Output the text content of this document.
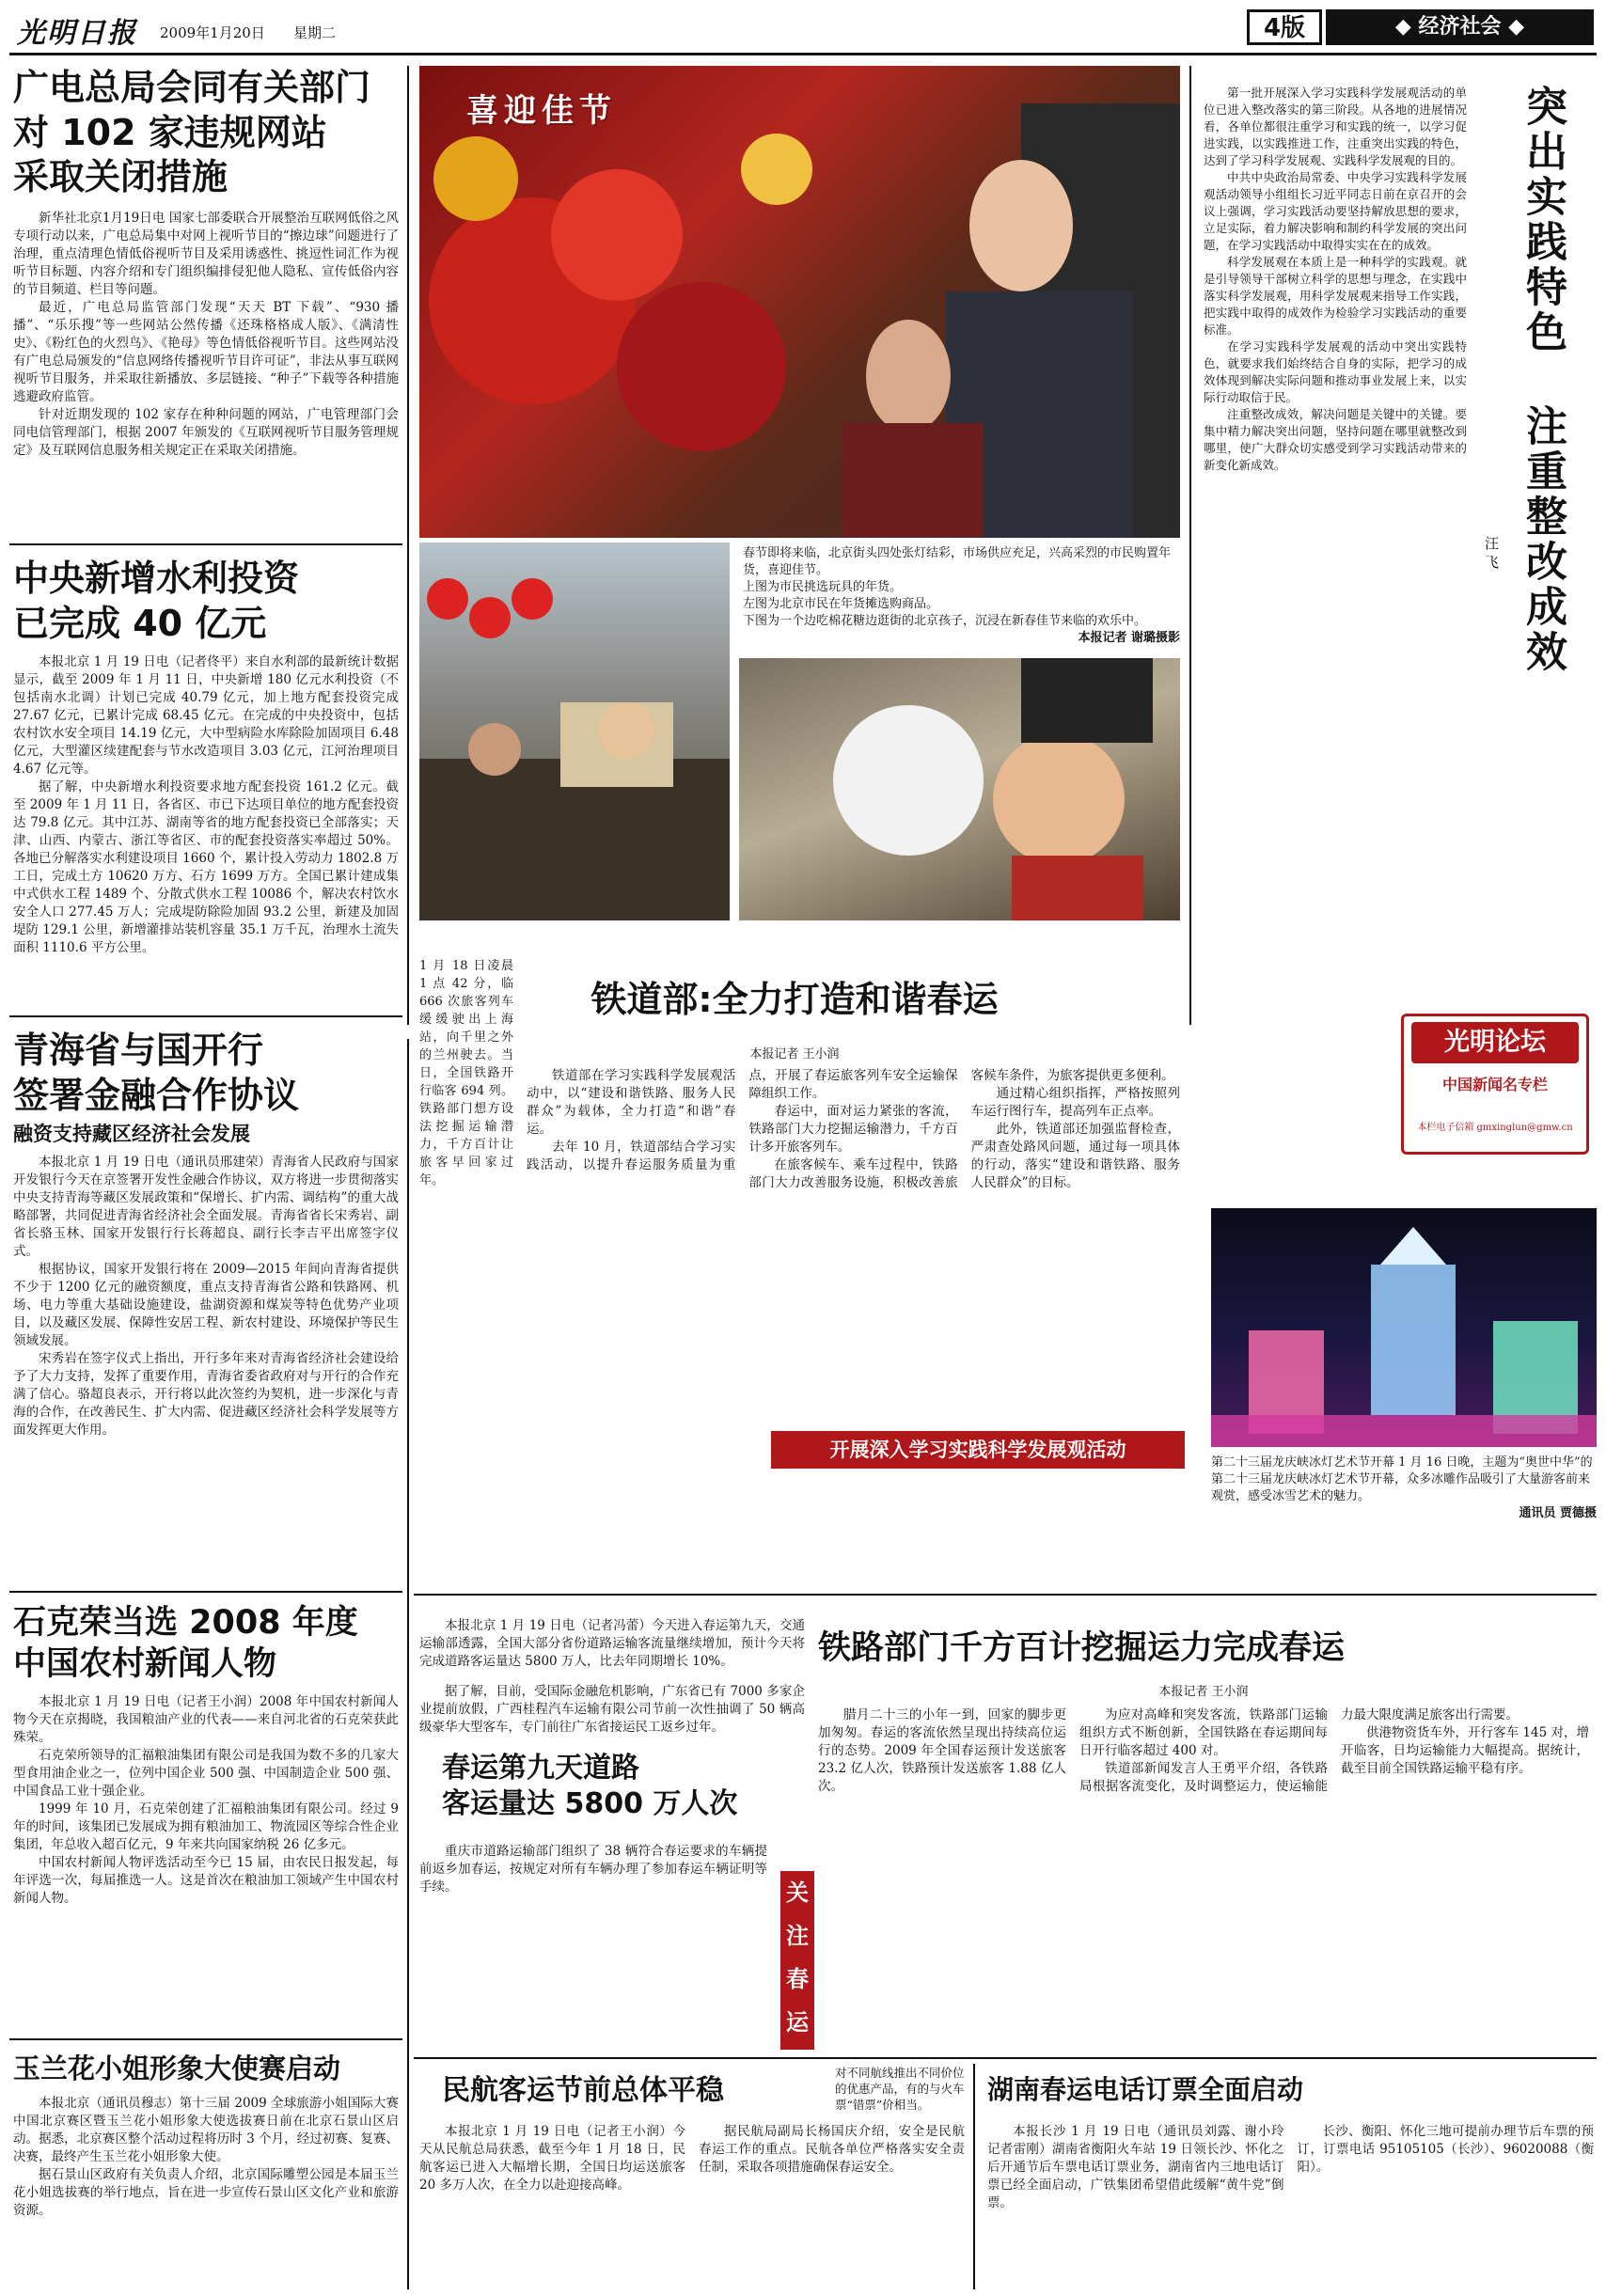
光明日报 2009年1月20日 星期二	4版	◆ 经济社会 ◆
广电总局会同有关部门
对 102 家违规网站
采取关闭措施

新华社北京1月19日电 国家七部委联合开展整治互联网低俗之风专项行动以来，广电总局集中对网上视听节目的“擦边球”问题进行了治理，重点清理色情低俗视听节目及采用诱惑性、挑逗性词汇作为视听节目标题、内容介绍和专门组织编排侵犯他人隐私、宣传低俗内容的节目频道、栏目等问题。

最近，广电总局监管部门发现“天天 BT 下载”、“930 播播”、“乐乐搜”等一些网站公然传播《还珠格格成人版》、《满清性史》、《粉红色的火烈鸟》、《艳母》等色情低俗视听节目。这些网站没有广电总局颁发的“信息网络传播视听节目许可证”，非法从事互联网视听节目服务，并采取往新播放、多层链接、“种子”下载等各种措施逃避政府监管。

针对近期发现的 102 家存在种种问题的网站，广电管理部门会同电信管理部门，根据 2007 年颁发的《互联网视听节目服务管理规定》及互联网信息服务相关规定正在采取关闭措施。

中央新增水利投资
已完成 40 亿元

本报北京 1 月 19 日电（记者佟平）来自水利部的最新统计数据显示，截至 2009 年 1 月 11 日，中央新增 180 亿元水利投资（不包括南水北调）计划已完成 40.79 亿元，加上地方配套投资完成 27.67 亿元，已累计完成 68.45 亿元。在完成的中央投资中，包括农村饮水安全项目 14.19 亿元，大中型病险水库除险加固项目 6.48 亿元，大型灌区续建配套与节水改造项目 3.03 亿元，江河治理项目 4.67 亿元等。

据了解，中央新增水利投资要求地方配套投资 161.2 亿元。截至 2009 年 1 月 11 日，各省区、市已下达项目单位的地方配套投资达 79.8 亿元。其中江苏、湖南等省的地方配套投资已全部落实；天津、山西、内蒙古、浙江等省区、市的配套投资落实率超过 50%。各地已分解落实水利建设项目 1660 个，累计投入劳动力 1802.8 万工日，完成土方 10620 万方、石方 1699 万方。全国已累计建成集中式供水工程 1489 个、分散式供水工程 10086 个，解决农村饮水安全人口 277.45 万人；完成堤防除险加固 93.2 公里，新建及加固堤防 129.1 公里，新增灌排站装机容量 35.1 万千瓦，治理水土流失面积 1110.6 平方公里。

青海省与国开行
签署金融合作协议
融资支持藏区经济社会发展

本报北京 1 月 19 日电（通讯员邢建荣）青海省人民政府与国家开发银行今天在京签署开发性金融合作协议，双方将进一步贯彻落实中央支持青海等藏区发展政策和“保增长、扩内需、调结构”的重大战略部署，共同促进青海省经济社会全面发展。青海省省长宋秀岩、副省长骆玉林、国家开发银行行长蒋超良、副行长李吉平出席签字仪式。

根据协议，国家开发银行将在 2009—2015 年间向青海省提供不少于 1200 亿元的融资额度，重点支持青海省公路和铁路网、机场、电力等重大基础设施建设，盐湖资源和煤炭等特色优势产业项目，以及藏区发展、保障性安居工程、新农村建设、环境保护等民生领域发展。

宋秀岩在签字仪式上指出，开行多年来对青海省经济社会建设给予了大力支持，发挥了重要作用，青海省委省政府对与开行的合作充满了信心。骆超良表示，开行将以此次签约为契机，进一步深化与青海的合作，在改善民生、扩大内需、促进藏区经济社会科学发展等方面发挥更大作用。

石克荣当选 2008 年度
中国农村新闻人物

本报北京 1 月 19 日电（记者王小润）2008 年中国农村新闻人物今天在京揭晓，我国粮油产业的代表——来自河北省的石克荣获此殊荣。

石克荣所领导的汇福粮油集团有限公司是我国为数不多的几家大型食用油企业之一，位列中国企业 500 强、中国制造企业 500 强、中国食品工业十强企业。

1999 年 10 月，石克荣创建了汇福粮油集团有限公司。经过 9 年的时间，该集团已发展成为拥有粮油加工、物流园区等综合性企业集团，年总收入超百亿元，9 年来共向国家纳税 26 亿多元。

中国农村新闻人物评选活动至今已 15 届，由农民日报发起，每年评选一次，每届推选一人。这是首次在粮油加工领域产生中国农村新闻人物。

玉兰花小姐形象大使赛启动

本报北京（通讯员穆志）第十三届 2009 全球旅游小姐国际大赛中国北京赛区暨玉兰花小姐形象大使选拔赛日前在北京石景山区启动。据悉，北京赛区整个活动过程将历时 3 个月，经过初赛、复赛、决赛，最终产生玉兰花小姐形象大使。

据石景山区政府有关负责人介绍，北京国际雕塑公园是本届玉兰花小姐选拔赛的举行地点，旨在进一步宣传石景山区文化产业和旅游资源。

喜迎佳节
春节即将来临，北京街头四处张灯结彩，市场供应充足，兴高采烈的市民购置年货，喜迎佳节。
上图为市民挑选玩具的年货。
左图为北京市民在年货摊选购商品。
下图为一个边吃棉花糖边逛街的北京孩子，沉浸在新春佳节来临的欢乐中。
本报记者 谢璐摄影

1 月 18 日凌晨 1 点 42 分，临 666 次旅客列车缓缓驶出上海站，向千里之外的兰州驶去。当日，全国铁路开行临客 694 列。铁路部门想方设法挖掘运输潜力，千方百计让旅客早回家过年。

铁道部:全力打造和谐春运
本报记者 王小润

铁道部在学习实践科学发展观活动中，以“建设和谐铁路、服务人民群众”为载体，全力打造“和谐”春运。

去年 10 月，铁道部结合学习实践活动，以提升春运服务质量为重点，开展了春运旅客列车安全运输保障组织工作。

春运中，面对运力紧张的客流，铁路部门大力挖掘运输潜力，千方百计多开旅客列车。

在旅客候车、乘车过程中，铁路部门大力改善服务设施，积极改善旅客候车条件，为旅客提供更多便利。

通过精心组织指挥，严格按照列车运行图行车，提高列车正点率。

此外，铁道部还加强监督检查，严肃查处路风问题，通过每一项具体的行动，落实“建设和谐铁路、服务人民群众”的目标。

开展深入学习实践科学发展观活动
突出实践特色
注重整改成效
汪 飞

第一批开展深入学习实践科学发展观活动的单位已进入整改落实的第三阶段。从各地的进展情况看，各单位都很注重学习和实践的统一，以学习促进实践，以实践推进工作，注重突出实践的特色，达到了学习科学发展观、实践科学发展观的目的。

中共中央政治局常委、中央学习实践科学发展观活动领导小组组长习近平同志日前在京召开的会议上强调，学习实践活动要坚持解放思想的要求，立足实际，着力解决影响和制约科学发展的突出问题，在学习实践活动中取得实实在在的成效。

科学发展观在本质上是一种科学的实践观。就是引导领导干部树立科学的思想与理念，在实践中落实科学发展观，用科学发展观来指导工作实践，把实践中取得的成效作为检验学习实践活动的重要标准。

在学习实践科学发展观的活动中突出实践特色，就要求我们始终结合自身的实际，把学习的成效体现到解决实际问题和推动事业发展上来，以实际行动取信于民。

注重整改成效，解决问题是关键中的关键。要集中精力解决突出问题，坚持问题在哪里就整改到哪里，使广大群众切实感受到学习实践活动带来的新变化新成效。

光明论坛
中国新闻名专栏
本栏电子信箱 gmxinglun@gmw.cn
第二十三届龙庆峡冰灯艺术节开幕 1 月 16 日晚，主题为“奥世中华”的第二十三届龙庆峡冰灯艺术节开幕，众多冰雕作品吸引了大量游客前来观赏，感受冰雪艺术的魅力。
通讯员 贾德摄
铁路部门千方百计挖掘运力完成春运
本报记者 王小润

腊月二十三的小年一到，回家的脚步更加匆匆。春运的客流依然呈现出持续高位运行的态势。2009 年全国春运预计发送旅客 23.2 亿人次，铁路预计发送旅客 1.88 亿人次。

为应对高峰和突发客流，铁路部门运输组织方式不断创新，全国铁路在春运期间每日开行临客超过 400 对。

铁道部新闻发言人王勇平介绍，各铁路局根据客流变化，及时调整运力，使运输能力最大限度满足旅客出行需要。

供港物资货车外，开行客车 145 对，增开临客，日均运输能力大幅提高。据统计，截至目前全国铁路运输平稳有序。

本报北京 1 月 19 日电（记者冯蕾）今天进入春运第九天，交通运输部透露，全国大部分省份道路运输客流量继续增加，预计今天将完成道路客运量达 5800 万人，比去年同期增长 10%。

据了解，目前，受国际金融危机影响，广东省已有 7000 多家企业提前放假，广西桂程汽车运输有限公司节前一次性抽调了 50 辆高级豪华大型客车，专门前往广东省接运民工返乡过年。

春运第九天道路
客运量达 5800 万人次

重庆市道路运输部门组织了 38 辆符合春运要求的车辆提前返乡加春运，按规定对所有车辆办理了参加春运车辆证明等手续。	关
注
春
运
民航客运节前总体平稳
对不同航线推出不同价位的优惠产品，有的与火车票“错票”价相当。

本报北京 1 月 19 日电（记者王小润）今天从民航总局获悉，截至今年 1 月 18 日，民航客运已进入大幅增长期，全国日均运送旅客 20 多万人次，在全力以赴迎接高峰。

据民航局副局长杨国庆介绍，安全是民航春运工作的重点。民航各单位严格落实安全责任制，采取各项措施确保春运安全。

湖南春运电话订票全面启动

本报长沙 1 月 19 日电（通讯员刘露、谢小玲 记者雷刚）湖南省衡阳火车站 19 日领长沙、怀化之后开通节后车票电话订票业务，湖南省内三地电话订票已经全面启动，广铁集团希望借此缓解“黄牛党”倒票。

长沙、衡阳、怀化三地可提前办理节后车票的预订，订票电话 95105105（长沙）、96020088（衡阳）。
